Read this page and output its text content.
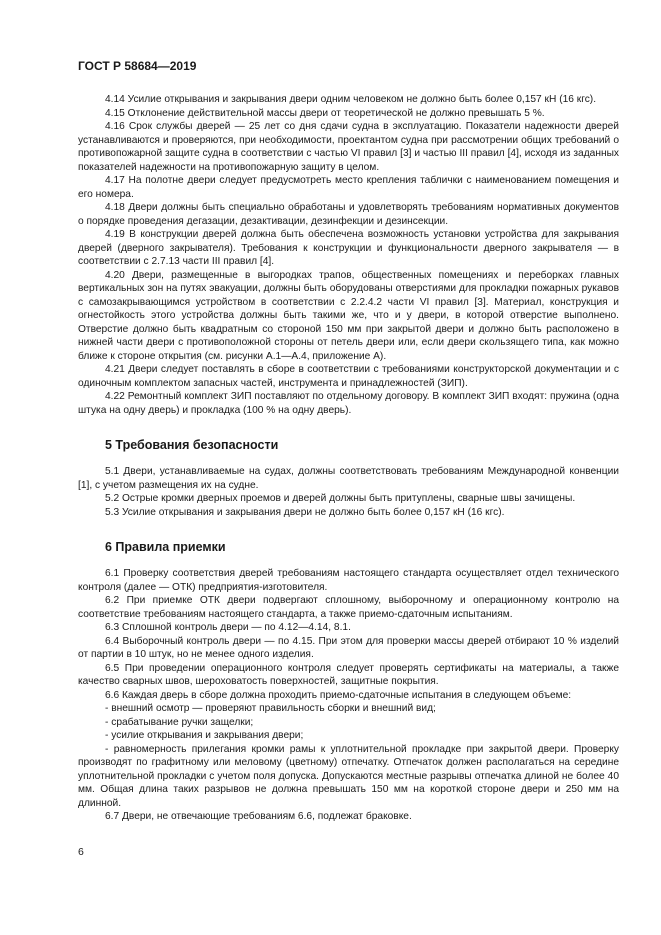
ГОСТ Р 58684—2019

4.14 Усилие открывания и закрывания двери одним человеком не должно быть более 0,157 кН (16 кгс).

4.15 Отклонение действительной массы двери от теоретической не должно превышать 5 %.

4.16 Срок службы дверей — 25 лет со дня сдачи судна в эксплуатацию. Показатели надежности дверей устанавливаются и проверяются, при необходимости, проектантом судна при рассмотрении общих требований о противопожарной защите судна в соответствии с частью VI правил [3] и частью III правил [4], исходя из заданных показателей надежности на противопожарную защиту в целом.

4.17 На полотне двери следует предусмотреть место крепления таблички с наименованием помещения и его номера.

4.18 Двери должны быть специально обработаны и удовлетворять требованиям нормативных документов о порядке проведения дегазации, дезактивации, дезинфекции и дезинсекции.

4.19 В конструкции дверей должна быть обеспечена возможность установки устройства для закрывания дверей (дверного закрывателя). Требования к конструкции и функциональности дверного закрывателя — в соответствии с 2.7.13 части III правил [4].

4.20 Двери, размещенные в выгородках трапов, общественных помещениях и переборках главных вертикальных зон на путях эвакуации, должны быть оборудованы отверстиями для прокладки пожарных рукавов с самозакрывающимся устройством в соответствии с 2.2.4.2 части VI правил [3]. Материал, конструкция и огнестойкость этого устройства должны быть такими же, что и у двери, в которой отверстие выполнено. Отверстие должно быть квадратным со стороной 150 мм при закрытой двери и должно быть расположено в нижней части двери с противоположной стороны от петель двери или, если двери скользящего типа, как можно ближе к стороне открытия (см. рисунки А.1—А.4, приложение А).

4.21 Двери следует поставлять в сборе в соответствии с требованиями конструкторской документации и с одиночным комплектом запасных частей, инструмента и принадлежностей (ЗИП).

4.22 Ремонтный комплект ЗИП поставляют по отдельному договору. В комплект ЗИП входят: пружина (одна штука на одну дверь) и прокладка (100 % на одну дверь).

5 Требования безопасности

5.1 Двери, устанавливаемые на судах, должны соответствовать требованиям Международной конвенции [1], с учетом размещения их на судне.

5.2 Острые кромки дверных проемов и дверей должны быть притуплены, сварные швы зачищены.

5.3 Усилие открывания и закрывания двери не должно быть более 0,157 кН (16 кгс).

6 Правила приемки

6.1 Проверку соответствия дверей требованиям настоящего стандарта осуществляет отдел технического контроля (далее — ОТК) предприятия-изготовителя.

6.2 При приемке ОТК двери подвергают сплошному, выборочному и операционному контролю на соответствие требованиям настоящего стандарта, а также приемо-сдаточным испытаниям.

6.3 Сплошной контроль двери — по 4.12—4.14, 8.1.

6.4 Выборочный контроль двери — по 4.15. При этом для проверки массы дверей отбирают 10 % изделий от партии в 10 штук, но не менее одного изделия.

6.5 При проведении операционного контроля следует проверять сертификаты на материалы, а также качество сварных швов, шероховатость поверхностей, защитные покрытия.

6.6 Каждая дверь в сборе должна проходить приемо-сдаточные испытания в следующем объеме:

- внешний осмотр — проверяют правильность сборки и внешний вид;

- срабатывание ручки защелки;

- усилие открывания и закрывания двери;

- равномерность прилегания кромки рамы к уплотнительной прокладке при закрытой двери. Проверку производят по графитному или меловому (цветному) отпечатку. Отпечаток должен располагаться на середине уплотнительной прокладки с учетом поля допуска. Допускаются местные разрывы отпечатка длиной не более 40 мм. Общая длина таких разрывов не должна превышать 150 мм на короткой стороне двери и 250 мм на длинной.

6.7 Двери, не отвечающие требованиям 6.6, подлежат браковке.

6
